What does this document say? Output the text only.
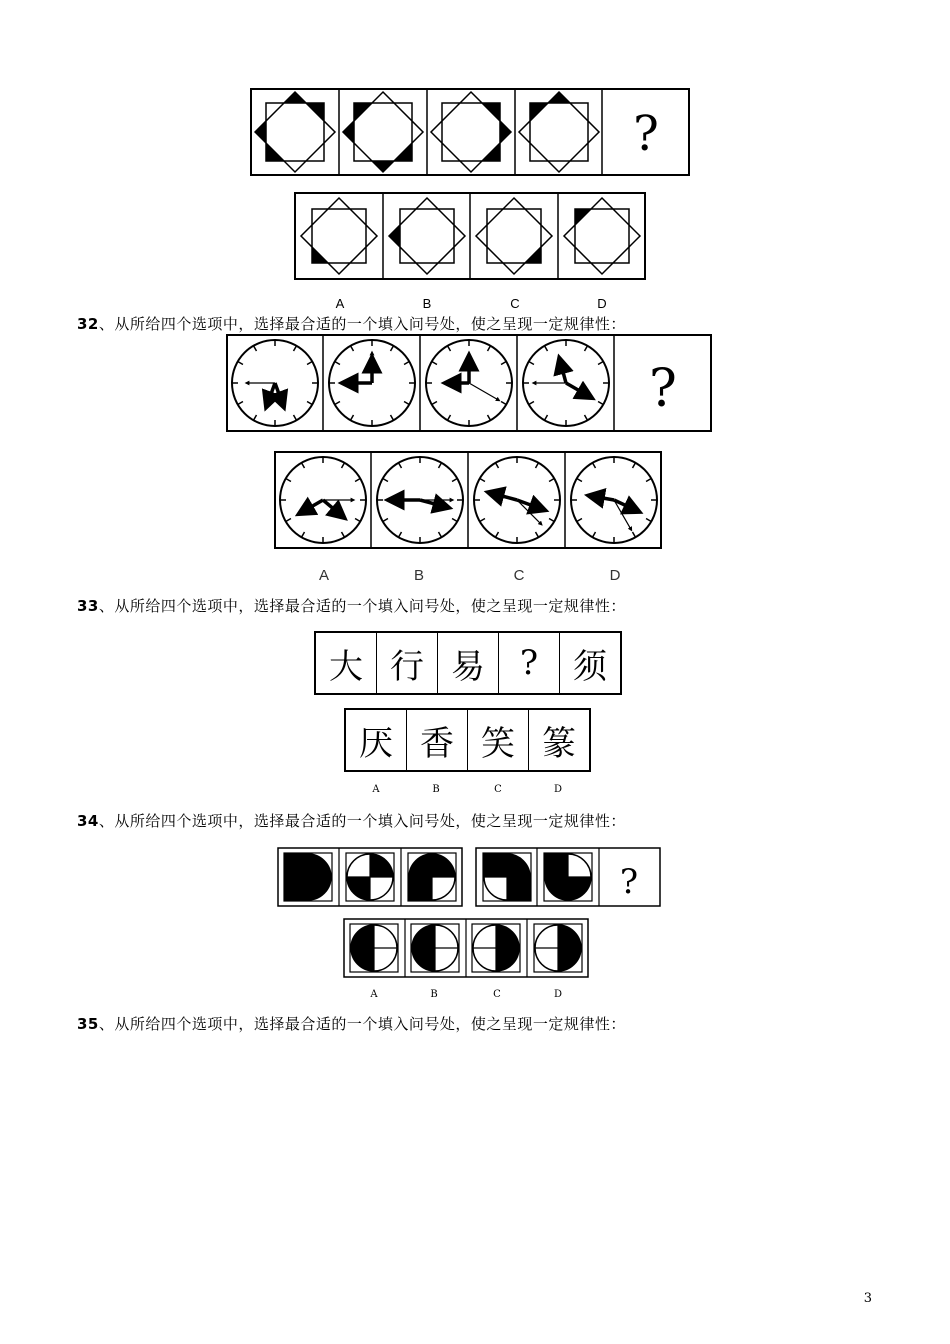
?
A	B	C	D
32、从所给四个选项中，选择最合适的一个填入问号处，使之呈现一定规律性：
?
A	B	C	D
33、从所给四个选项中，选择最合适的一个填入问号处，使之呈现一定规律性：
大 行 易	?	须
厌 香 笑 篆
A	B	C	D
34、从所给四个选项中，选择最合适的一个填入问号处，使之呈现一定规律性：
?
A	B	C	D
35、从所给四个选项中，选择最合适的一个填入问号处，使之呈现一定规律性：
3
